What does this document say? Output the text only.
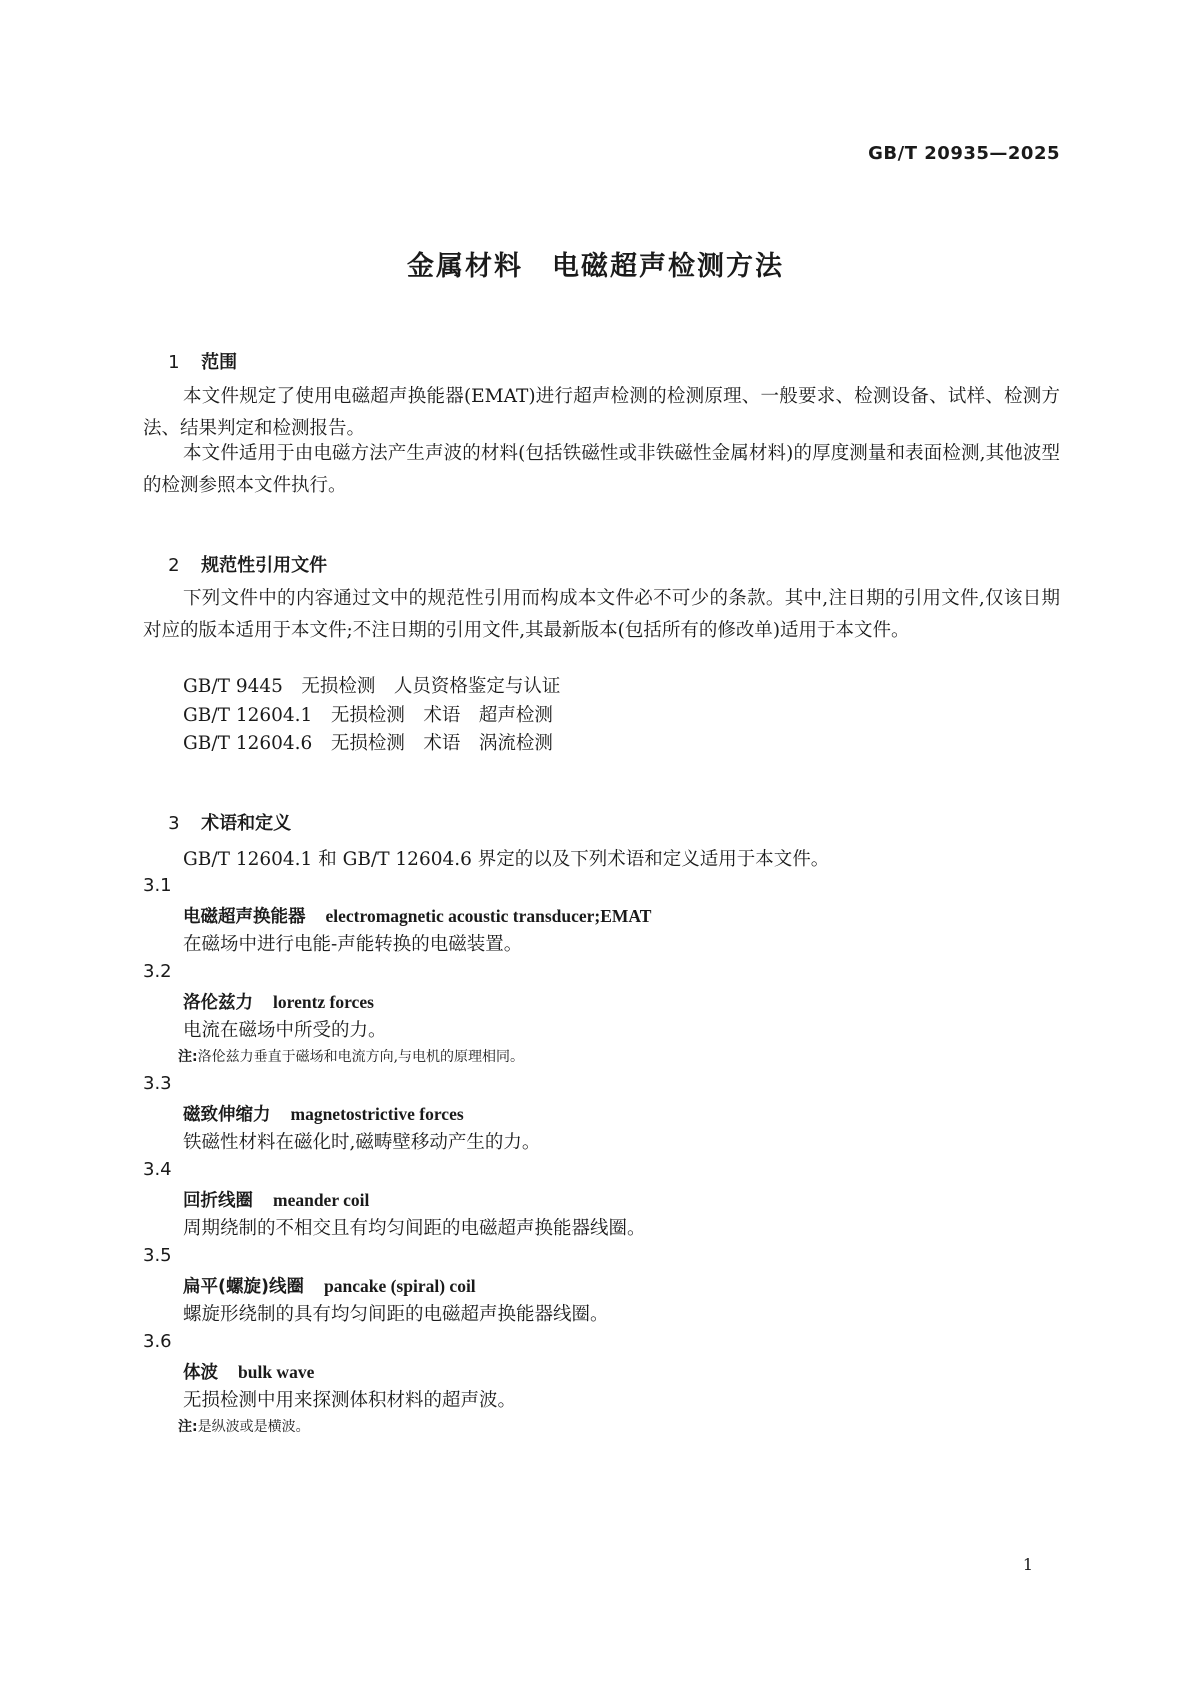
GB/T 20935—2025
金属材料　电磁超声检测方法

1 范围

本文件规定了使用电磁超声换能器(EMAT)进行超声检测的检测原理、一般要求、检测设备、试样、检测方法、结果判定和检测报告。

本文件适用于由电磁方法产生声波的材料(包括铁磁性或非铁磁性金属材料)的厚度测量和表面检测,其他波型的检测参照本文件执行。

2 规范性引用文件

下列文件中的内容通过文中的规范性引用而构成本文件必不可少的条款。其中,注日期的引用文件,仅该日期对应的版本适用于本文件;不注日期的引用文件,其最新版本(包括所有的修改单)适用于本文件。

GB/T 9445　无损检测　人员资格鉴定与认证
GB/T 12604.1　无损检测　术语　超声检测
GB/T 12604.6　无损检测　术语　涡流检测

3 术语和定义

GB/T 12604.1 和 GB/T 12604.6 界定的以及下列术语和定义适用于本文件。
3.1
电磁超声换能器 electromagnetic acoustic transducer;EMAT
在磁场中进行电能-声能转换的电磁装置。
3.2
洛伦兹力 lorentz forces
电流在磁场中所受的力。
注:洛伦兹力垂直于磁场和电流方向,与电机的原理相同。
3.3
磁致伸缩力 magnetostrictive forces
铁磁性材料在磁化时,磁畴壁移动产生的力。
3.4
回折线圈 meander coil
周期绕制的不相交且有均匀间距的电磁超声换能器线圈。
3.5
扁平(螺旋)线圈 pancake (spiral) coil
螺旋形绕制的具有均匀间距的电磁超声换能器线圈。
3.6
体波 bulk wave
无损检测中用来探测体积材料的超声波。
注:是纵波或是横波。
1
